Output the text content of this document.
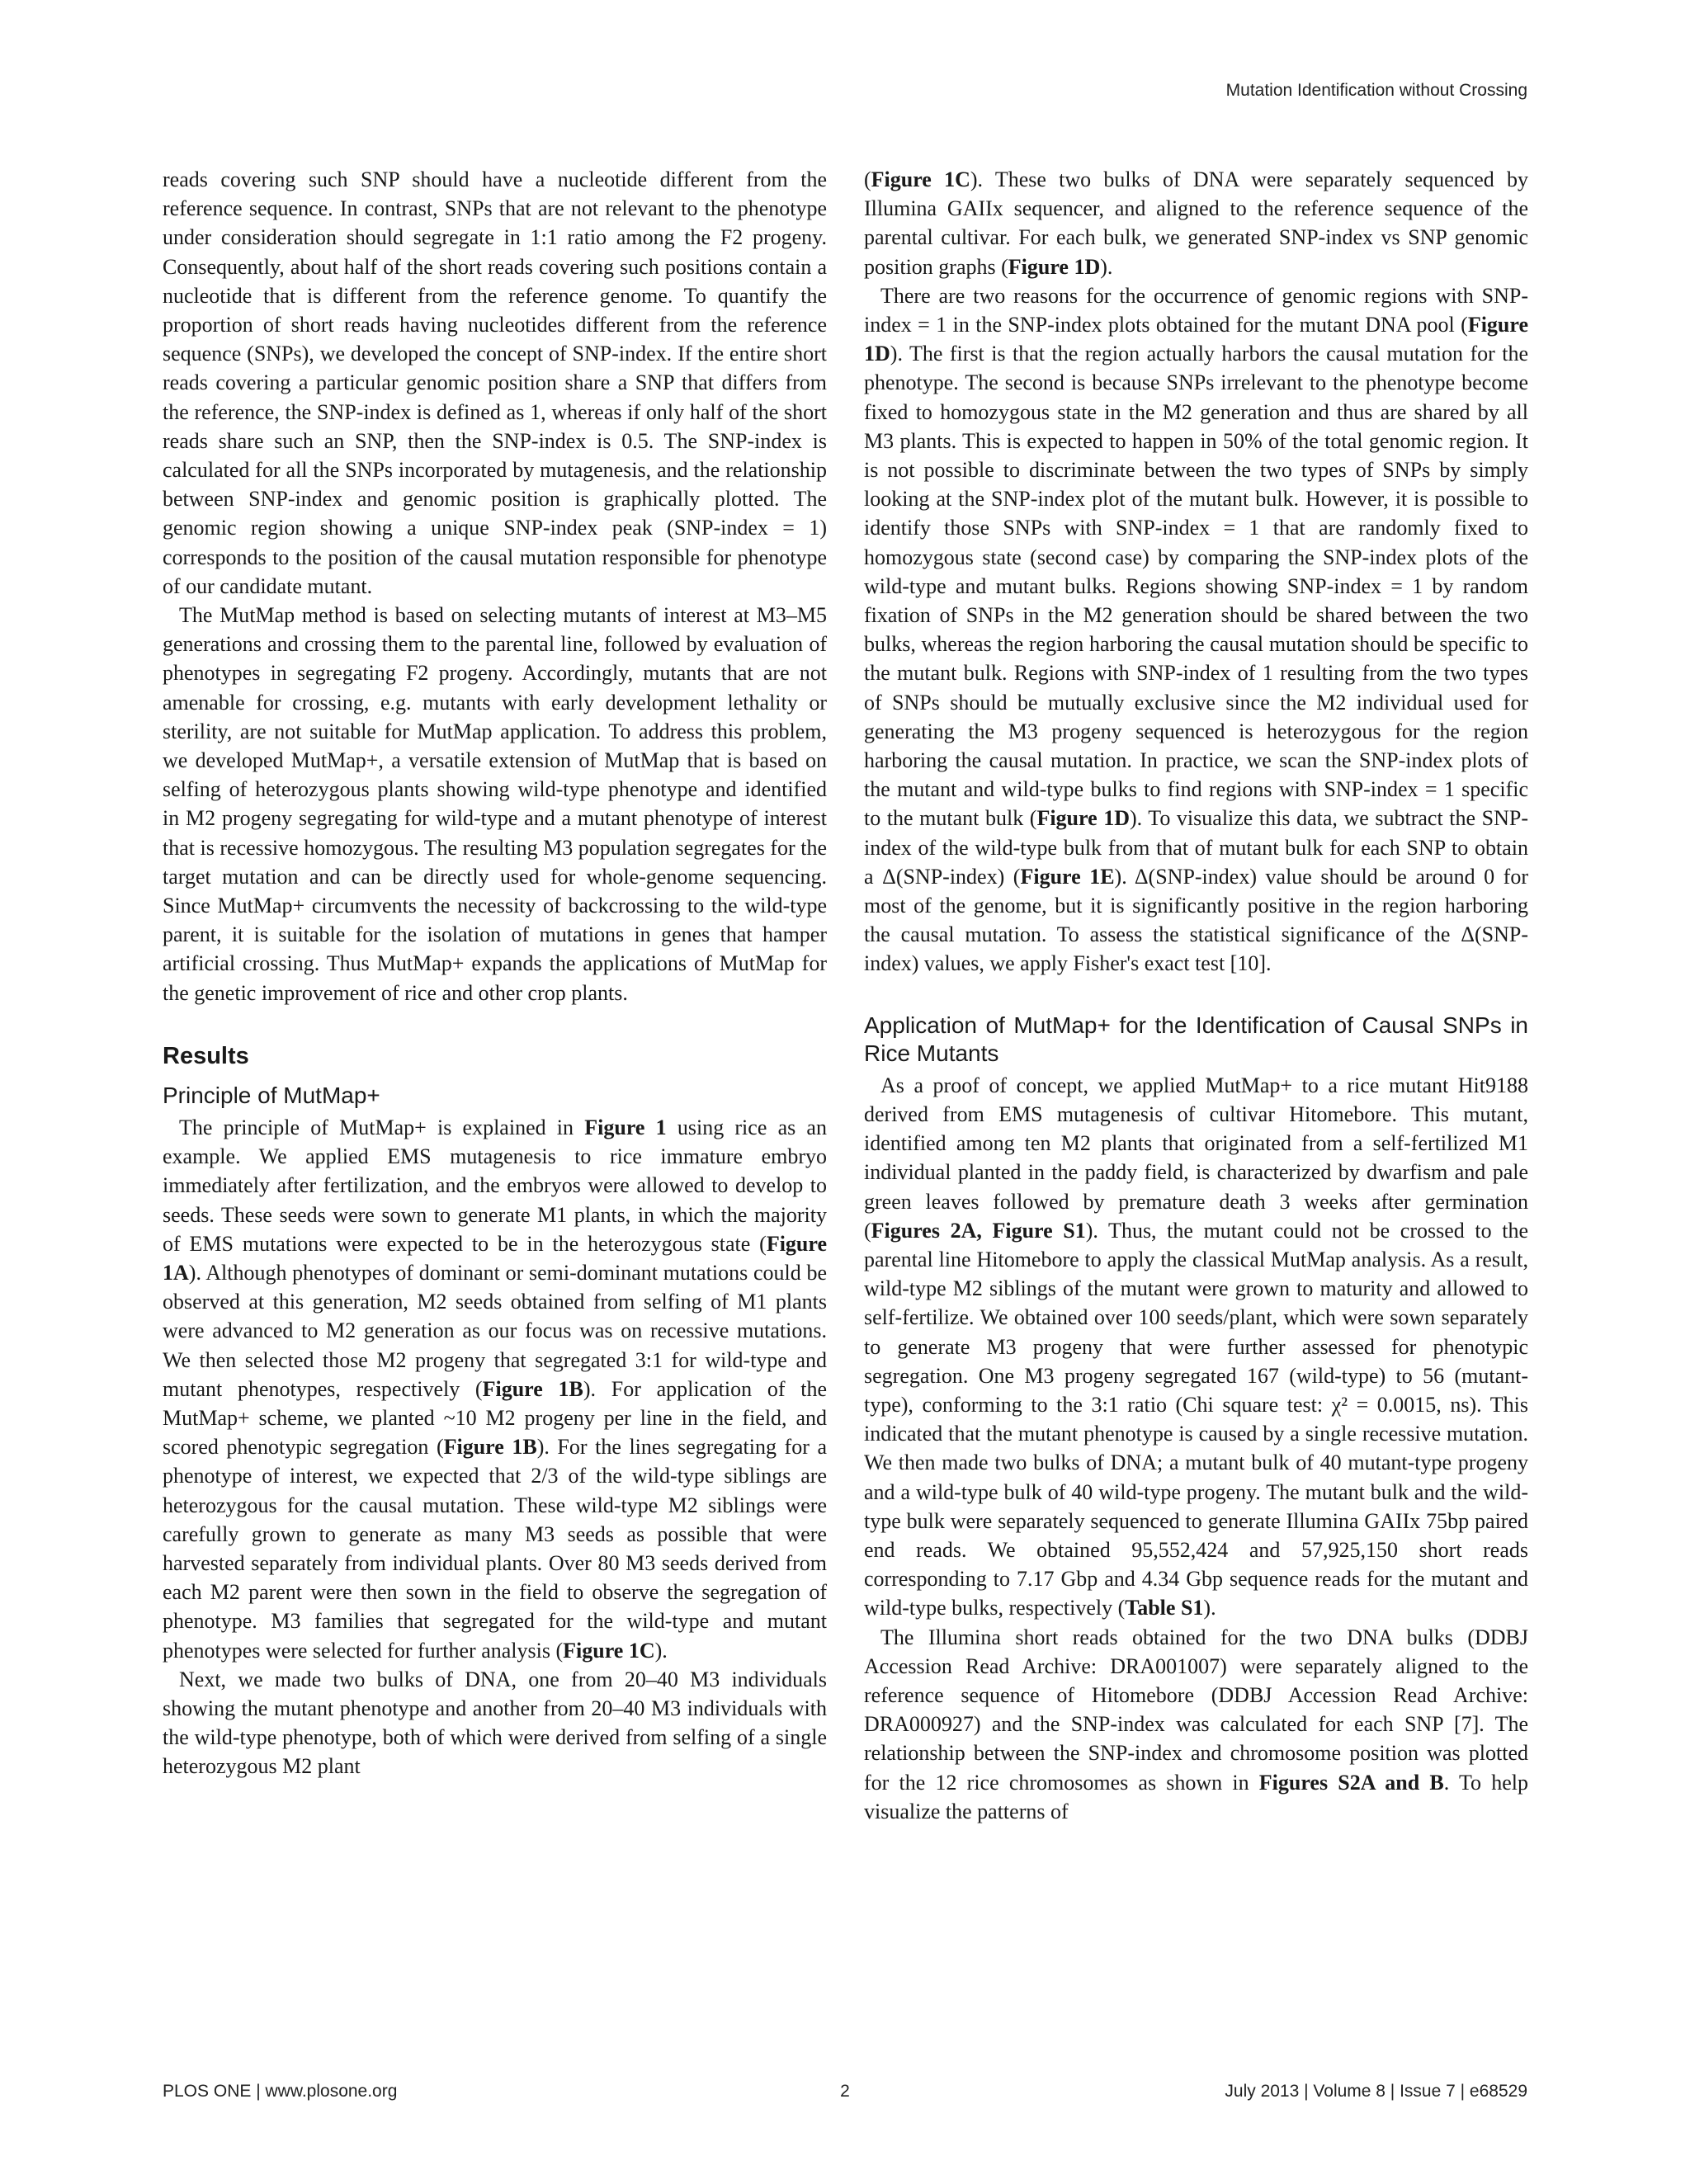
Mutation Identification without Crossing

reads covering such SNP should have a nucleotide different from the reference sequence. In contrast, SNPs that are not relevant to the phenotype under consideration should segregate in 1:1 ratio among the F2 progeny. Consequently, about half of the short reads covering such positions contain a nucleotide that is different from the reference genome. To quantify the proportion of short reads having nucleotides different from the reference sequence (SNPs), we developed the concept of SNP-index. If the entire short reads covering a particular genomic position share a SNP that differs from the reference, the SNP-index is defined as 1, whereas if only half of the short reads share such an SNP, then the SNP-index is 0.5. The SNP-index is calculated for all the SNPs incorporated by mutagenesis, and the relationship between SNP-index and genomic position is graphically plotted. The genomic region showing a unique SNP-index peak (SNP-index = 1) corresponds to the position of the causal mutation responsible for phenotype of our candidate mutant.

The MutMap method is based on selecting mutants of interest at M3–M5 generations and crossing them to the parental line, followed by evaluation of phenotypes in segregating F2 progeny. Accordingly, mutants that are not amenable for crossing, e.g. mutants with early development lethality or sterility, are not suitable for MutMap application. To address this problem, we developed MutMap+, a versatile extension of MutMap that is based on selfing of heterozygous plants showing wild-type phenotype and identified in M2 progeny segregating for wild-type and a mutant phenotype of interest that is recessive homozygous. The resulting M3 population segregates for the target mutation and can be directly used for whole-genome sequencing. Since MutMap+ circumvents the necessity of backcrossing to the wild-type parent, it is suitable for the isolation of mutations in genes that hamper artificial crossing. Thus MutMap+ expands the applications of MutMap for the genetic improvement of rice and other crop plants.

Results
Principle of MutMap+

The principle of MutMap+ is explained in Figure 1 using rice as an example. We applied EMS mutagenesis to rice immature embryo immediately after fertilization, and the embryos were allowed to develop to seeds. These seeds were sown to generate M1 plants, in which the majority of EMS mutations were expected to be in the heterozygous state (Figure 1A). Although phenotypes of dominant or semi-dominant mutations could be observed at this generation, M2 seeds obtained from selfing of M1 plants were advanced to M2 generation as our focus was on recessive mutations. We then selected those M2 progeny that segregated 3:1 for wild-type and mutant phenotypes, respectively (Figure 1B). For application of the MutMap+ scheme, we planted ~10 M2 progeny per line in the field, and scored phenotypic segregation (Figure 1B). For the lines segregating for a phenotype of interest, we expected that 2/3 of the wild-type siblings are heterozygous for the causal mutation. These wild-type M2 siblings were carefully grown to generate as many M3 seeds as possible that were harvested separately from individual plants. Over 80 M3 seeds derived from each M2 parent were then sown in the field to observe the segregation of phenotype. M3 families that segregated for the wild-type and mutant phenotypes were selected for further analysis (Figure 1C).

Next, we made two bulks of DNA, one from 20–40 M3 individuals showing the mutant phenotype and another from 20–40 M3 individuals with the wild-type phenotype, both of which were derived from selfing of a single heterozygous M2 plant

(Figure 1C). These two bulks of DNA were separately sequenced by Illumina GAIIx sequencer, and aligned to the reference sequence of the parental cultivar. For each bulk, we generated SNP-index vs SNP genomic position graphs (Figure 1D).

There are two reasons for the occurrence of genomic regions with SNP-index = 1 in the SNP-index plots obtained for the mutant DNA pool (Figure 1D). The first is that the region actually harbors the causal mutation for the phenotype. The second is because SNPs irrelevant to the phenotype become fixed to homozygous state in the M2 generation and thus are shared by all M3 plants. This is expected to happen in 50% of the total genomic region. It is not possible to discriminate between the two types of SNPs by simply looking at the SNP-index plot of the mutant bulk. However, it is possible to identify those SNPs with SNP-index = 1 that are randomly fixed to homozygous state (second case) by comparing the SNP-index plots of the wild-type and mutant bulks. Regions showing SNP-index = 1 by random fixation of SNPs in the M2 generation should be shared between the two bulks, whereas the region harboring the causal mutation should be specific to the mutant bulk. Regions with SNP-index of 1 resulting from the two types of SNPs should be mutually exclusive since the M2 individual used for generating the M3 progeny sequenced is heterozygous for the region harboring the causal mutation. In practice, we scan the SNP-index plots of the mutant and wild-type bulks to find regions with SNP-index = 1 specific to the mutant bulk (Figure 1D). To visualize this data, we subtract the SNP-index of the wild-type bulk from that of mutant bulk for each SNP to obtain a Δ(SNP-index) (Figure 1E). Δ(SNP-index) value should be around 0 for most of the genome, but it is significantly positive in the region harboring the causal mutation. To assess the statistical significance of the Δ(SNP-index) values, we apply Fisher's exact test [10].

Application of MutMap+ for the Identification of Causal SNPs in Rice Mutants

As a proof of concept, we applied MutMap+ to a rice mutant Hit9188 derived from EMS mutagenesis of cultivar Hitomebore. This mutant, identified among ten M2 plants that originated from a self-fertilized M1 individual planted in the paddy field, is characterized by dwarfism and pale green leaves followed by premature death 3 weeks after germination (Figures 2A, Figure S1). Thus, the mutant could not be crossed to the parental line Hitomebore to apply the classical MutMap analysis. As a result, wild-type M2 siblings of the mutant were grown to maturity and allowed to self-fertilize. We obtained over 100 seeds/plant, which were sown separately to generate M3 progeny that were further assessed for phenotypic segregation. One M3 progeny segregated 167 (wild-type) to 56 (mutant-type), conforming to the 3:1 ratio (Chi square test: χ² = 0.0015, ns). This indicated that the mutant phenotype is caused by a single recessive mutation. We then made two bulks of DNA; a mutant bulk of 40 mutant-type progeny and a wild-type bulk of 40 wild-type progeny. The mutant bulk and the wild-type bulk were separately sequenced to generate Illumina GAIIx 75bp paired end reads. We obtained 95,552,424 and 57,925,150 short reads corresponding to 7.17 Gbp and 4.34 Gbp sequence reads for the mutant and wild-type bulks, respectively (Table S1).

The Illumina short reads obtained for the two DNA bulks (DDBJ Accession Read Archive: DRA001007) were separately aligned to the reference sequence of Hitomebore (DDBJ Accession Read Archive: DRA000927) and the SNP-index was calculated for each SNP [7]. The relationship between the SNP-index and chromosome position was plotted for the 12 rice chromosomes as shown in Figures S2A and B. To help visualize the patterns of

PLOS ONE | www.plosone.org	2	July 2013 | Volume 8 | Issue 7 | e68529
